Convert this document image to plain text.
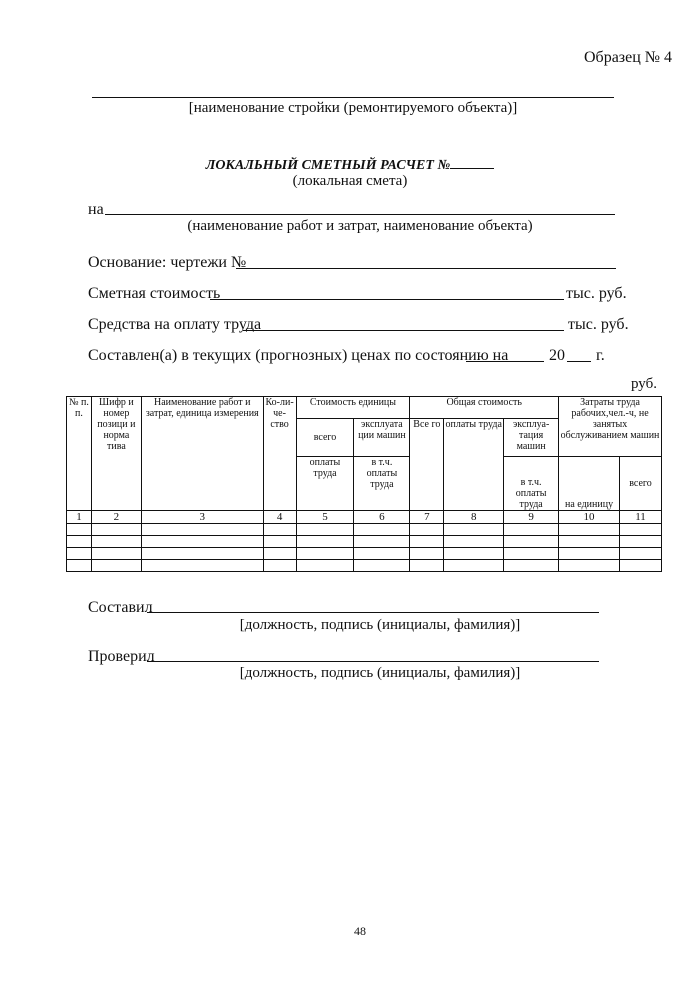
Образец № 4
[наименование стройки (ремонтируемого объекта)]
ЛОКАЛЬНЫЙ СМЕТНЫЙ РАСЧЕТ №
(локальная смета)
на
(наименование работ и затрат, наименование объекта)
Основание: чертежи №
Сметная стоимость	тыс. руб.
Средства на оплату труда	тыс. руб.
Составлен(а) в текущих (прогнозных) ценах по состоянию на	20 г.
руб.
№ п. п.	Шифр и номер позици и норма тива	Наименование работ и затрат, единица измерения	Ко-ли-че-ство	Стоимость единицы		Общая стоимость			Затраты труда рабочих,чел.-ч, не занятых обслуживанием машин	
				всего	эксплуата ции машин	Все го	оплаты труда	эксплуа-тация машин		
				оплаты труда	в т.ч. оплаты труда			в т.ч. оплаты труда	на единицу	всего

1	2	3	4	5	6	7	8	9	10	11

Составил
[должность, подпись (инициалы, фамилия)]
Проверил
[должность, подпись (инициалы, фамилия)]
48
